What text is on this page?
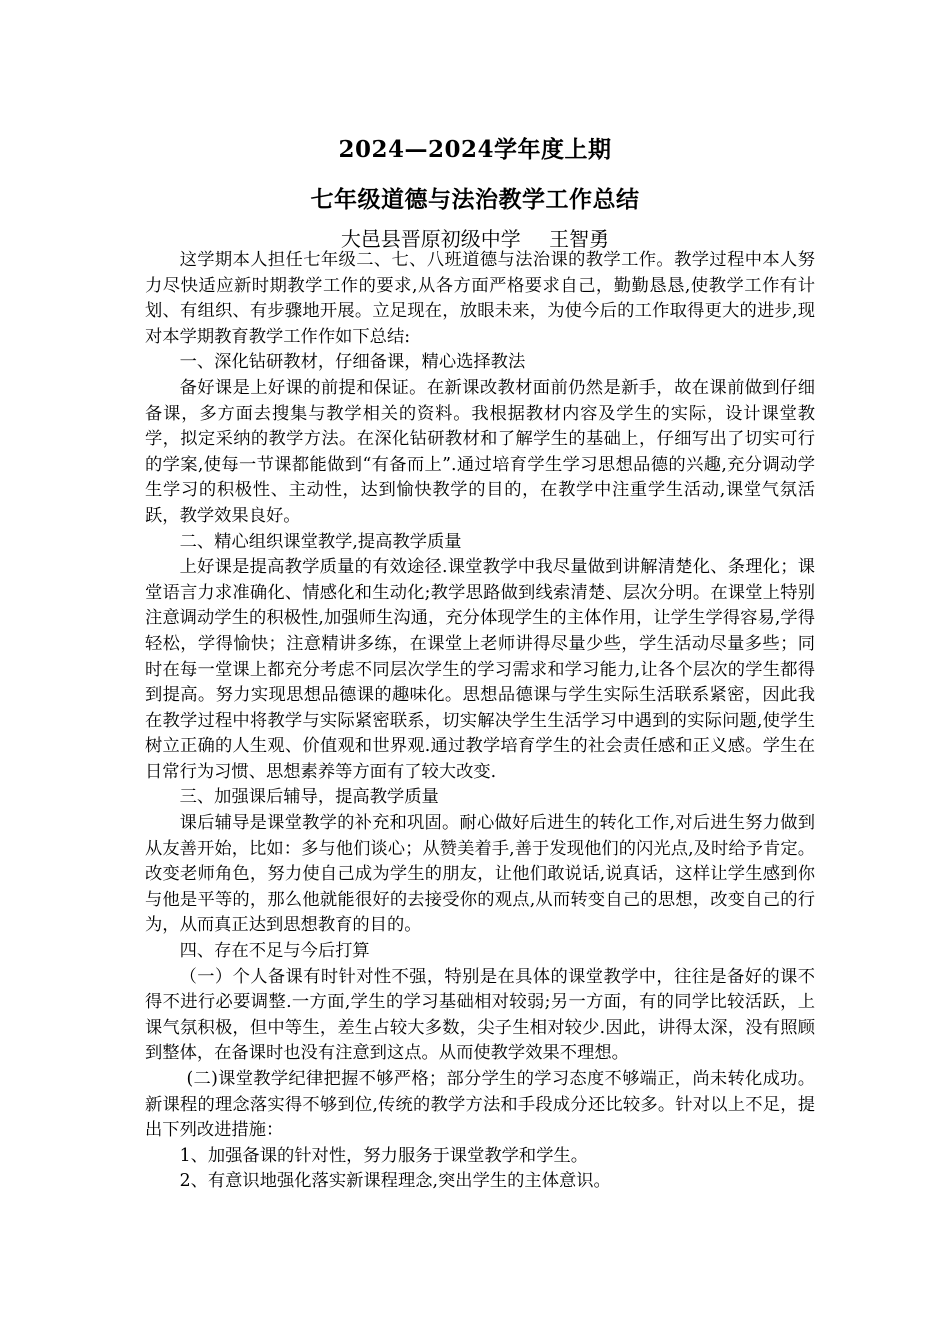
2024—2024学年度上期
七年级道德与法治教学工作总结
大邑县晋原初级中学 王智勇

这学期本人担任七年级二、七、八班道德与法治课的教学工作。教学过程中本人努力尽快适应新时期教学工作的要求,从各方面严格要求自己，勤勤恳恳,使教学工作有计划、有组织、有步骤地开展。立足现在，放眼未来，为使今后的工作取得更大的进步,现对本学期教育教学工作作如下总结:

一、深化钻研教材，仔细备课，精心选择教法

备好课是上好课的前提和保证。在新课改教材面前仍然是新手，故在课前做到仔细备课，多方面去搜集与教学相关的资料。我根据教材内容及学生的实际，设计课堂教学，拟定采纳的教学方法。在深化钻研教材和了解学生的基础上，仔细写出了切实可行的学案,使每一节课都能做到“有备而上”.通过培育学生学习思想品德的兴趣,充分调动学生学习的积极性、主动性，达到愉快教学的目的，在教学中注重学生活动,课堂气氛活跃，教学效果良好。

二、精心组织课堂教学,提高教学质量

上好课是提高教学质量的有效途径.课堂教学中我尽量做到讲解清楚化、条理化；课堂语言力求准确化、情感化和生动化;教学思路做到线索清楚、层次分明。在课堂上特别注意调动学生的积极性,加强师生沟通，充分体现学生的主体作用，让学生学得容易,学得轻松，学得愉快；注意精讲多练，在课堂上老师讲得尽量少些，学生活动尽量多些；同时在每一堂课上都充分考虑不同层次学生的学习需求和学习能力,让各个层次的学生都得到提高。努力实现思想品德课的趣味化。思想品德课与学生实际生活联系紧密，因此我在教学过程中将教学与实际紧密联系，切实解决学生生活学习中遇到的实际问题,使学生树立正确的人生观、价值观和世界观.通过教学培育学生的社会责任感和正义感。学生在日常行为习惯、思想素养等方面有了较大改变.

三、加强课后辅导，提高教学质量

课后辅导是课堂教学的补充和巩固。耐心做好后进生的转化工作,对后进生努力做到从友善开始，比如：多与他们谈心；从赞美着手,善于发现他们的闪光点,及时给予肯定。改变老师角色，努力使自己成为学生的朋友，让他们敢说话,说真话，这样让学生感到你与他是平等的，那么他就能很好的去接受你的观点,从而转变自己的思想，改变自己的行为，从而真正达到思想教育的目的。

四、存在不足与今后打算

（一）个人备课有时针对性不强，特别是在具体的课堂教学中，往往是备好的课不得不进行必要调整.一方面,学生的学习基础相对较弱;另一方面，有的同学比较活跃，上课气氛积极，但中等生，差生占较大多数，尖子生相对较少.因此，讲得太深，没有照顾到整体，在备课时也没有注意到这点。从而使教学效果不理想。

(二)课堂教学纪律把握不够严格；部分学生的学习态度不够端正，尚未转化成功。新课程的理念落实得不够到位,传统的教学方法和手段成分还比较多。针对以上不足，提出下列改进措施：

1、加强备课的针对性，努力服务于课堂教学和学生。

2、有意识地强化落实新课程理念,突出学生的主体意识。
